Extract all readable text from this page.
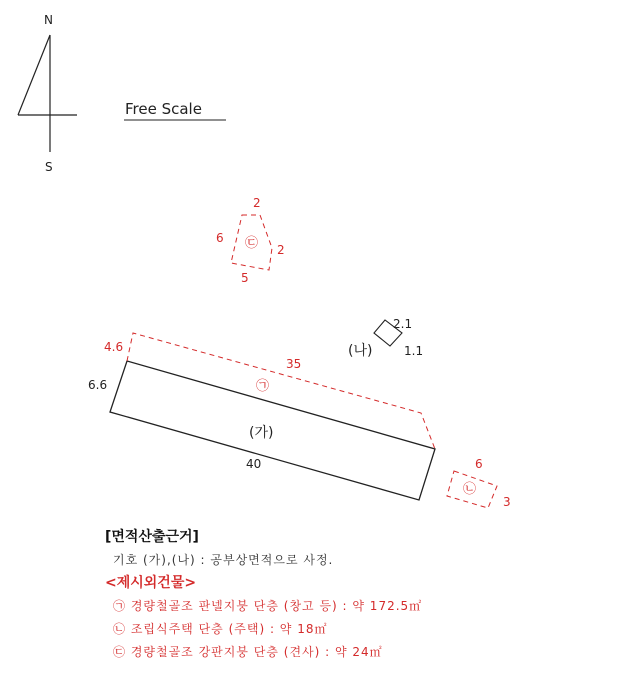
N
S
Free Scale
4.6
35
6.6
40
(가)
㉠
2.1
1.1
(나)
2
6
2
5
㉢
6
3
㉡
[면적산출근거]
기호 (가),(나) : 공부상면적으로 사정.
<제시외건물>
㉠ 경량철골조 판넬지붕 단층 (창고 등) : 약 172.5㎡
㉡ 조립식주택 단층 (주택) : 약 18㎡
㉢ 경량철골조 강판지붕 단층 (견사) : 약 24㎡
